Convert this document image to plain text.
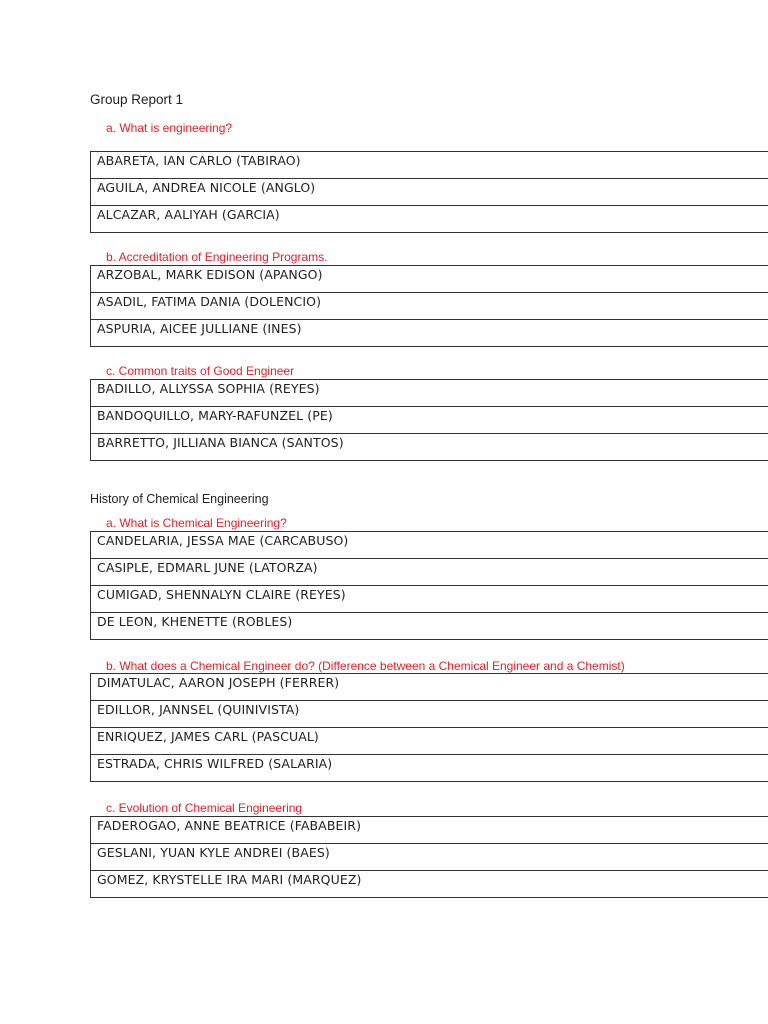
Group Report 1
a. What is engineering?
ABARETA, IAN CARLO (TABIRAO)
AGUILA, ANDREA NICOLE (ANGLO)
ALCAZAR, AALIYAH (GARCIA)
b. Accreditation of Engineering Programs.
ARZOBAL, MARK EDISON (APANGO)
ASADIL, FATIMA DANIA (DOLENCIO)
ASPURIA, AICEE JULLIANE (INES)
c. Common traits of Good Engineer
BADILLO, ALLYSSA SOPHIA (REYES)
BANDOQUILLO, MARY-RAFUNZEL (PE)
BARRETTO, JILLIANA BIANCA (SANTOS)
History of Chemical Engineering
a. What is Chemical Engineering?
CANDELARIA, JESSA MAE (CARCABUSO)
CASIPLE, EDMARL JUNE (LATORZA)
CUMIGAD, SHENNALYN CLAIRE (REYES)
DE LEON, KHENETTE (ROBLES)
b. What does a Chemical Engineer do? (Difference between a Chemical Engineer and a Chemist)
DIMATULAC, AARON JOSEPH (FERRER)
EDILLOR, JANNSEL (QUINIVISTA)
ENRIQUEZ, JAMES CARL (PASCUAL)
ESTRADA, CHRIS WILFRED (SALARIA)
c. Evolution of Chemical Engineering
FADEROGAO, ANNE BEATRICE (FABABEIR)
GESLANI, YUAN KYLE ANDREI (BAES)
GOMEZ, KRYSTELLE IRA MARI (MARQUEZ)
